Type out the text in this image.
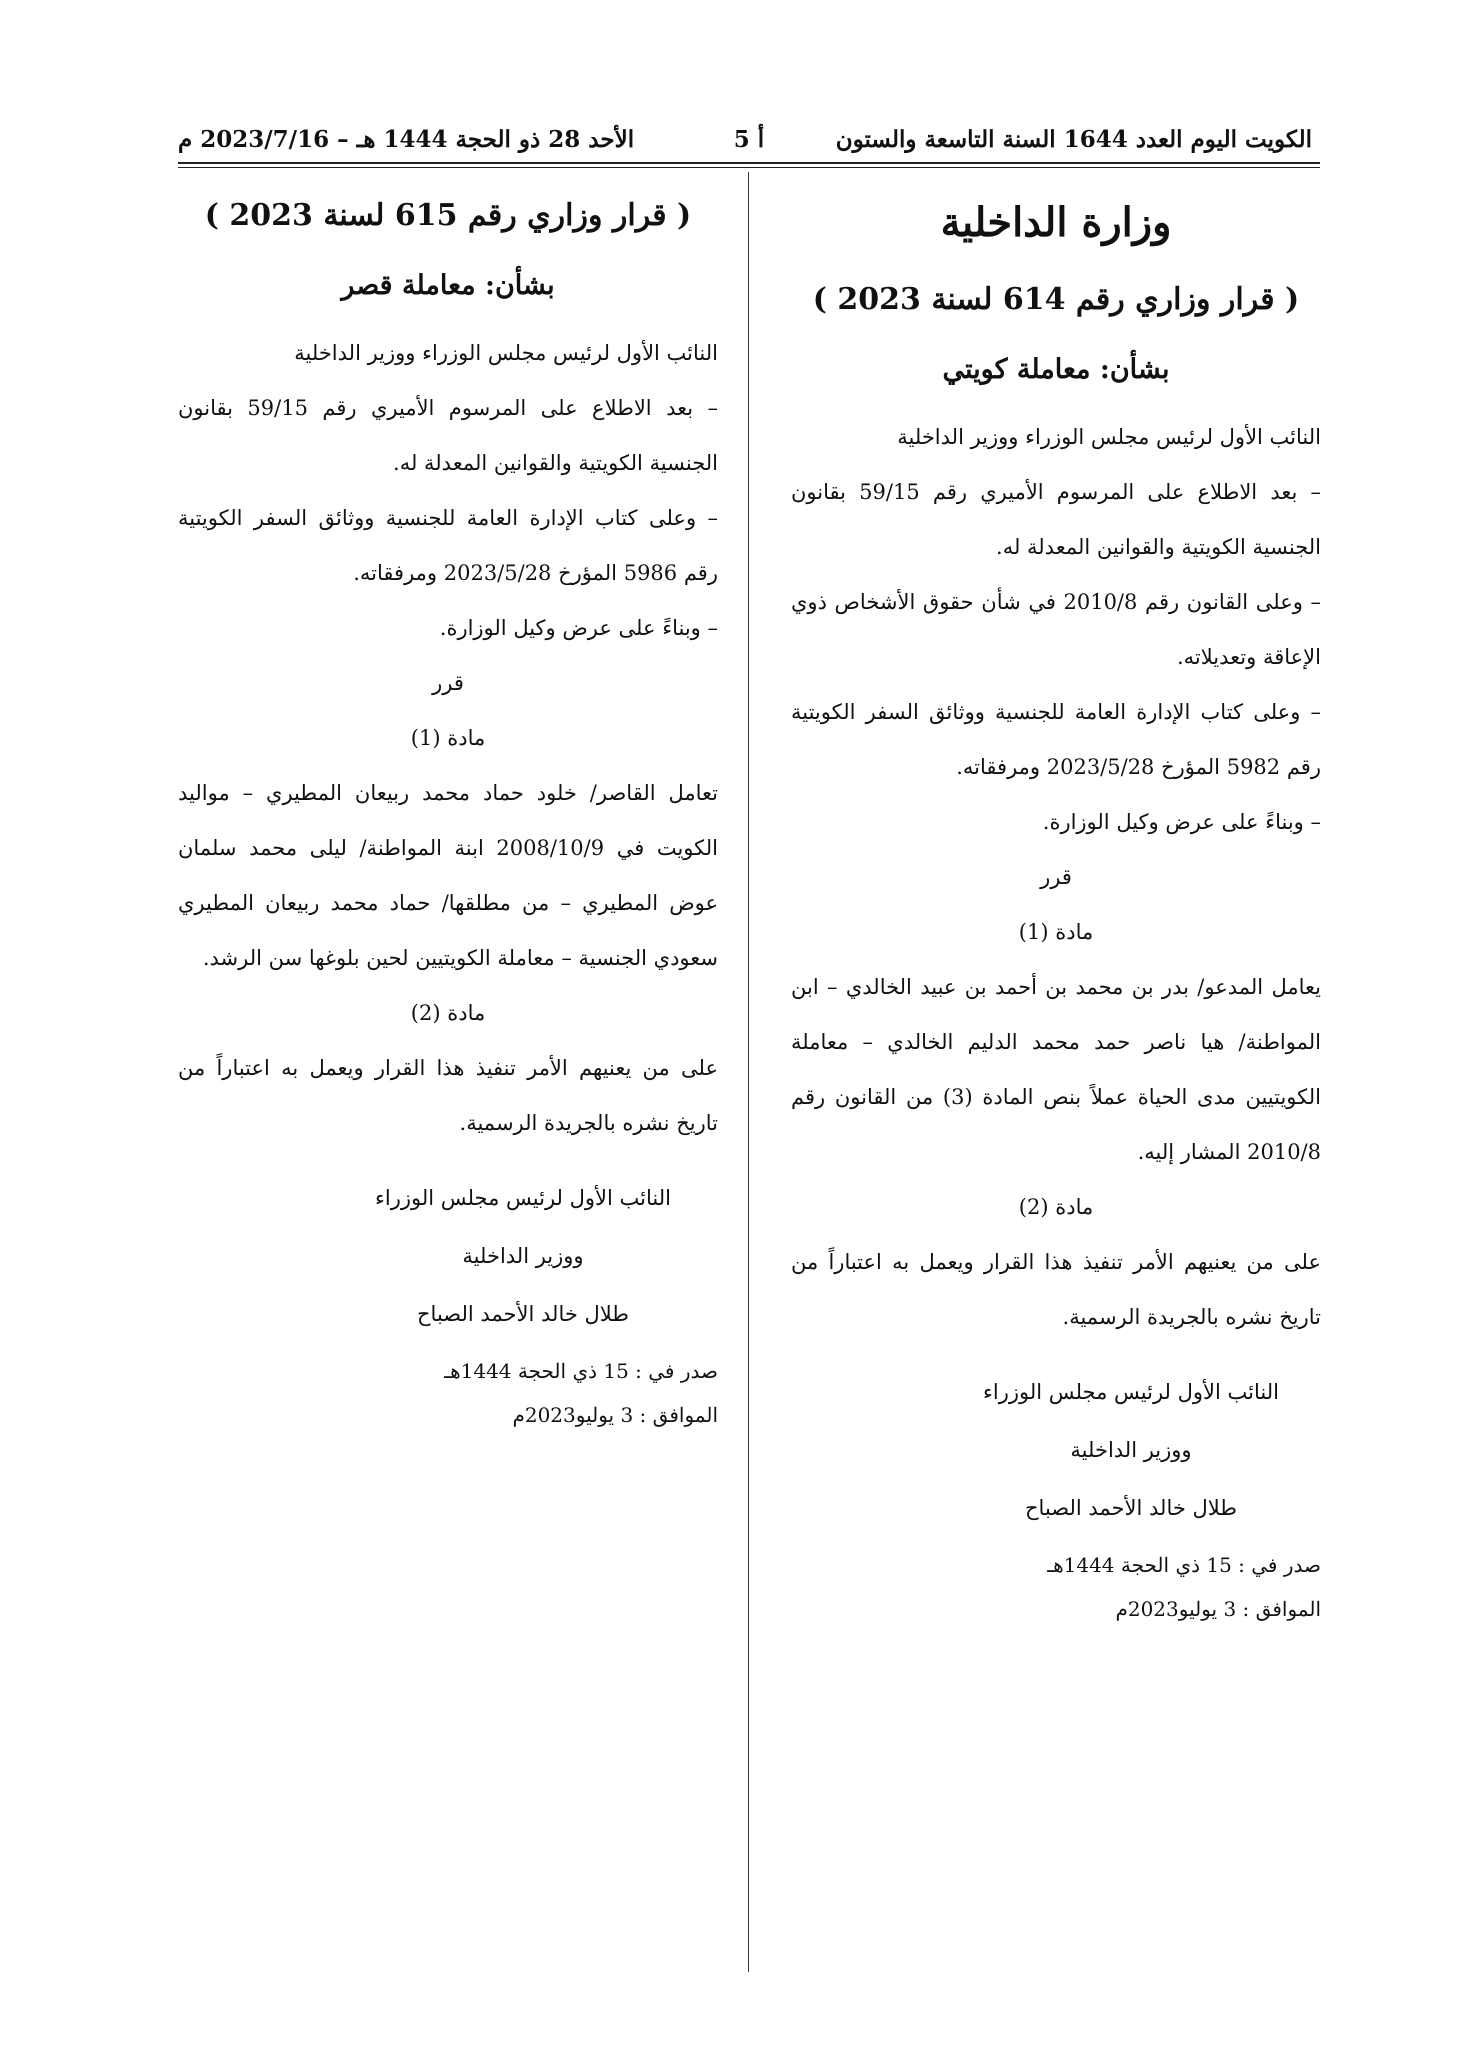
الكويت اليوم العدد 1644 السنة التاسعة والستون
أ 5
الأحد 28 ذو الحجة 1444 هـ – 2023/7/16 م
وزارة الداخلية
( قرار وزاري رقم 614 لسنة 2023 )
بشأن: معاملة كويتي

النائب الأول لرئيس مجلس الوزراء ووزير الداخلية

– بعد الاطلاع على المرسوم الأميري رقم 59/15 بقانون الجنسية الكويتية والقوانين المعدلة له.

– وعلى القانون رقم 2010/8 في شأن حقوق الأشخاص ذوي الإعاقة وتعديلاته.

– وعلى كتاب الإدارة العامة للجنسية ووثائق السفر الكويتية رقم 5982 المؤرخ 2023/5/28 ومرفقاته.

– وبناءً على عرض وكيل الوزارة.

قرر

مادة (1)

يعامل المدعو/ بدر بن محمد بن أحمد بن عبيد الخالدي – ابن المواطنة/ هيا ناصر حمد محمد الدليم الخالدي – معاملة الكويتيين مدى الحياة عملاً بنص المادة (3) من القانون رقم 2010/8 المشار إليه.

مادة (2)

على من يعنيهم الأمر تنفيذ هذا القرار ويعمل به اعتباراً من تاريخ نشره بالجريدة الرسمية.

النائب الأول لرئيس مجلس الوزراء

ووزير الداخلية

طلال خالد الأحمد الصباح

صدر في : 15 ذي الحجة 1444هـ

الموافق : 3 يوليو2023م

( قرار وزاري رقم 615 لسنة 2023 )
بشأن: معاملة قصر

النائب الأول لرئيس مجلس الوزراء ووزير الداخلية

– بعد الاطلاع على المرسوم الأميري رقم 59/15 بقانون الجنسية الكويتية والقوانين المعدلة له.

– وعلى كتاب الإدارة العامة للجنسية ووثائق السفر الكويتية رقم 5986 المؤرخ 2023/5/28 ومرفقاته.

– وبناءً على عرض وكيل الوزارة.

قرر

مادة (1)

تعامل القاصر/ خلود حماد محمد ربيعان المطيري – مواليد الكويت في 2008/10/9 ابنة المواطنة/ ليلى محمد سلمان عوض المطيري – من مطلقها/ حماد محمد ربيعان المطيري سعودي الجنسية – معاملة الكويتيين لحين بلوغها سن الرشد.

مادة (2)

على من يعنيهم الأمر تنفيذ هذا القرار ويعمل به اعتباراً من تاريخ نشره بالجريدة الرسمية.

النائب الأول لرئيس مجلس الوزراء

ووزير الداخلية

طلال خالد الأحمد الصباح

صدر في : 15 ذي الحجة 1444هـ

الموافق : 3 يوليو2023م
